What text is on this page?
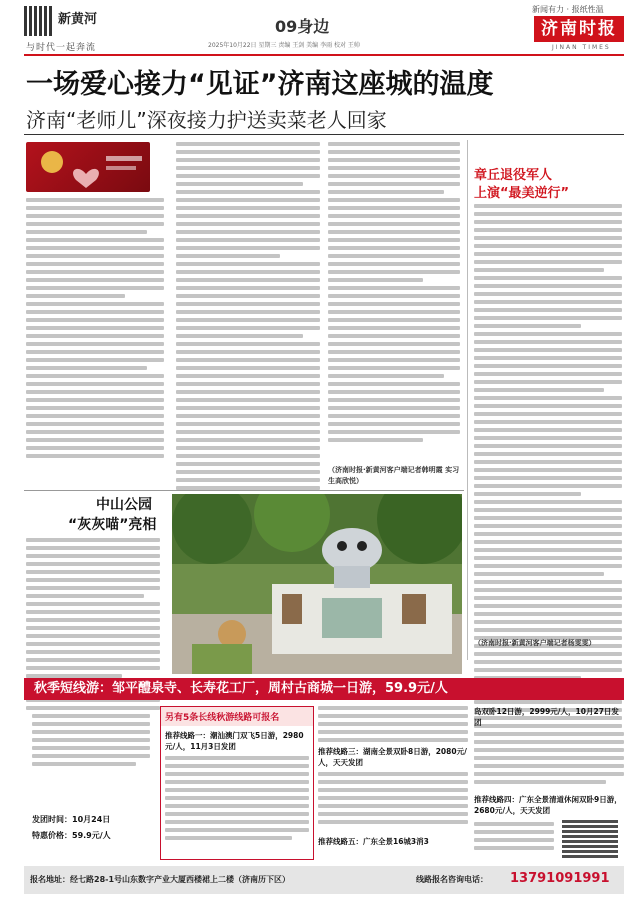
新黄河
与时代一起奔流
09身边
2025年10月22日 星期三 责编 王剑 美编 李雨 校对 王帅
新闻有力 · 报纸性温
济南时报
JINAN TIMES
一场爱心接力“见证”济南这座城的温度
济南“老师儿”深夜接力护送卖菜老人回家
（济南时报·新黄河客户端记者韩明霞 实习生高欣悦）
章丘退役军人
上演“最美逆行”
（济南时报·新黄河客户端记者杨雯雯）
中山公园
“灰灰喵”亮相
秋季短线游：邹平醴泉寺、长寿花工厂，周村古商城一日游，59.9元/人
发团时间：10月24日
特惠价格：59.9元/人
另有5条长线秋游线路可报名
推荐线路一：潮汕澳门双飞5日游，2980元/人，11月3日发团
推荐线路三：湖南全景双卧8日游，2080元/人，天天发团
推荐线路五：广东全景16城3消3
岛双卧12日游，2999元/人，10月27日发团
推荐线路四：广东全景清道休闲双卧9日游，2680元/人，天天发团
报名地址：经七路28-1号山东数字产业大厦西楼裙上二楼（济南历下区）	线路报名咨询电话： 13791091991
